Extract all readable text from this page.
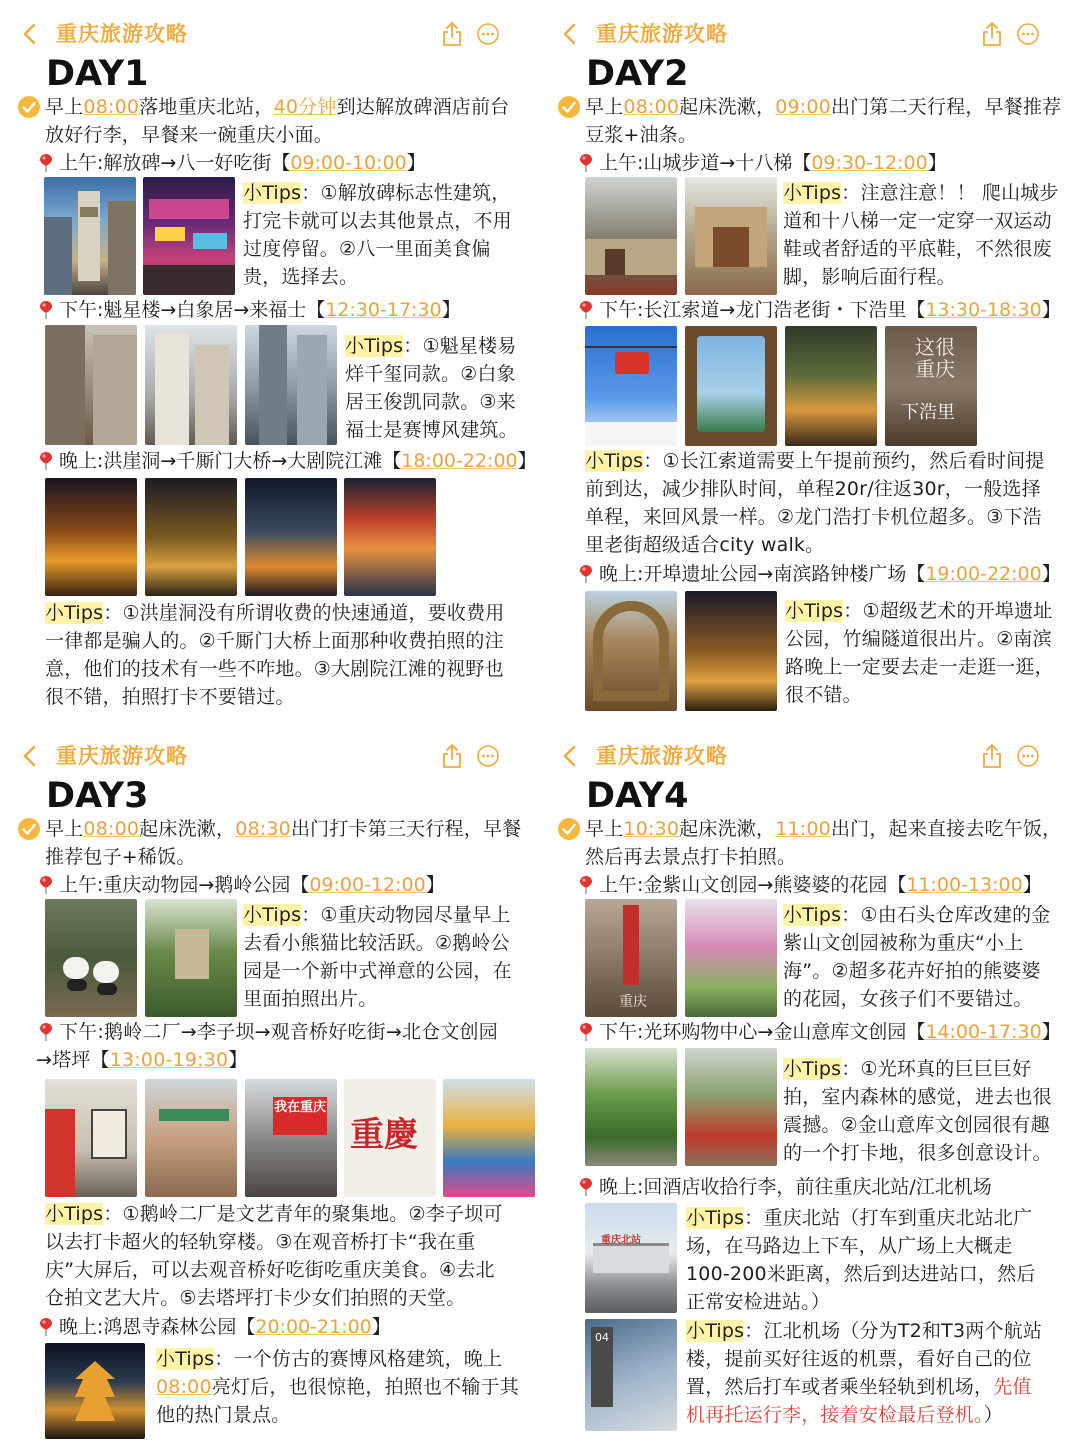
重庆旅游攻略
DAY1
早上08:00落地重庆北站，40分钟到达解放碑酒店前台
放好行李，早餐来一碗重庆小面。
上午:解放碑→八一好吃街【09:00-10:00】
小Tips：①解放碑标志性建筑，
打完卡就可以去其他景点，不用
过度停留。②八一里面美食偏
贵，选择去。
下午:魁星楼→白象居→来福士【12:30-17:30】
小Tips：①魁星楼易
烊千玺同款。②白象
居王俊凯同款。③来
福士是赛博风建筑。
晚上:洪崖洞→千厮门大桥→大剧院江滩【18:00-22:00】
小Tips：①洪崖洞没有所谓收费的快速通道，要收费用
一律都是骗人的。②千厮门大桥上面那种收费拍照的注
意，他们的技术有一些不咋地。③大剧院江滩的视野也
很不错，拍照打卡不要错过。
重庆旅游攻略
DAY2
早上08:00起床洗漱，09:00出门第二天行程，早餐推荐
豆浆+油条。
上午:山城步道→十八梯【09:30-12:00】
小Tips：注意注意！！ 爬山城步
道和十八梯一定一定穿一双运动
鞋或者舒适的平底鞋，不然很废
脚，影响后面行程。
下午:长江索道→龙门浩老街・下浩里【13:30-18:30】
这很
重庆
下浩里
小Tips：①长江索道需要上午提前预约，然后看时间提
前到达，减少排队时间，单程20r/往返30r，一般选择
单程，来回风景一样。②龙门浩打卡机位超多。③下浩
里老街超级适合city walk。
晚上:开埠遗址公园→南滨路钟楼广场【19:00-22:00】
小Tips：①超级艺术的开埠遗址
公园，竹编隧道很出片。②南滨
路晚上一定要去走一走逛一逛，
很不错。
重庆旅游攻略
DAY3
早上08:00起床洗漱，08:30出门打卡第三天行程，早餐
推荐包子+稀饭。
上午:重庆动物园→鹅岭公园【09:00-12:00】
小Tips：①重庆动物园尽量早上
去看小熊猫比较活跃。②鹅岭公
园是一个新中式禅意的公园，在
里面拍照出片。
下午:鹅岭二厂→李子坝→观音桥好吃街→北仓文创园
→塔坪【13:00-19:30】
我在重庆
重慶
小Tips：①鹅岭二厂是文艺青年的聚集地。②李子坝可
以去打卡超火的轻轨穿楼。③在观音桥打卡“我在重
庆”大屏后，可以去观音桥好吃街吃重庆美食。④去北
仓拍文艺大片。⑤去塔坪打卡少女们拍照的天堂。
晚上:鸿恩寺森林公园【20:00-21:00】
小Tips：一个仿古的赛博风格建筑，晚上
08:00亮灯后，也很惊艳，拍照也不输于其
他的热门景点。
重庆旅游攻略
DAY4
早上10:30起床洗漱，11:00出门，起来直接去吃午饭，
然后再去景点打卡拍照。
上午:金紫山文创园→熊婆婆的花园【11:00-13:00】
重庆
小Tips：①由石头仓库改建的金
紫山文创园被称为重庆“小上
海”。②超多花卉好拍的熊婆婆
的花园，女孩子们不要错过。
下午:光环购物中心→金山意库文创园【14:00-17:30】
小Tips：①光环真的巨巨巨好
拍，室内森林的感觉，进去也很
震撼。②金山意库文创园很有趣
的一个打卡地，很多创意设计。
晚上:回酒店收拾行李，前往重庆北站/江北机场
重庆北站
小Tips：重庆北站（打车到重庆北站北广
场，在马路边上下车，从广场上大概走
100-200米距离，然后到达进站口，然后
正常安检进站。）
04	小Tips：江北机场（分为T2和T3两个航站
楼，提前买好往返的机票，看好自己的位
置，然后打车或者乘坐轻轨到机场，先值
机再托运行李，接着安检最后登机。）
